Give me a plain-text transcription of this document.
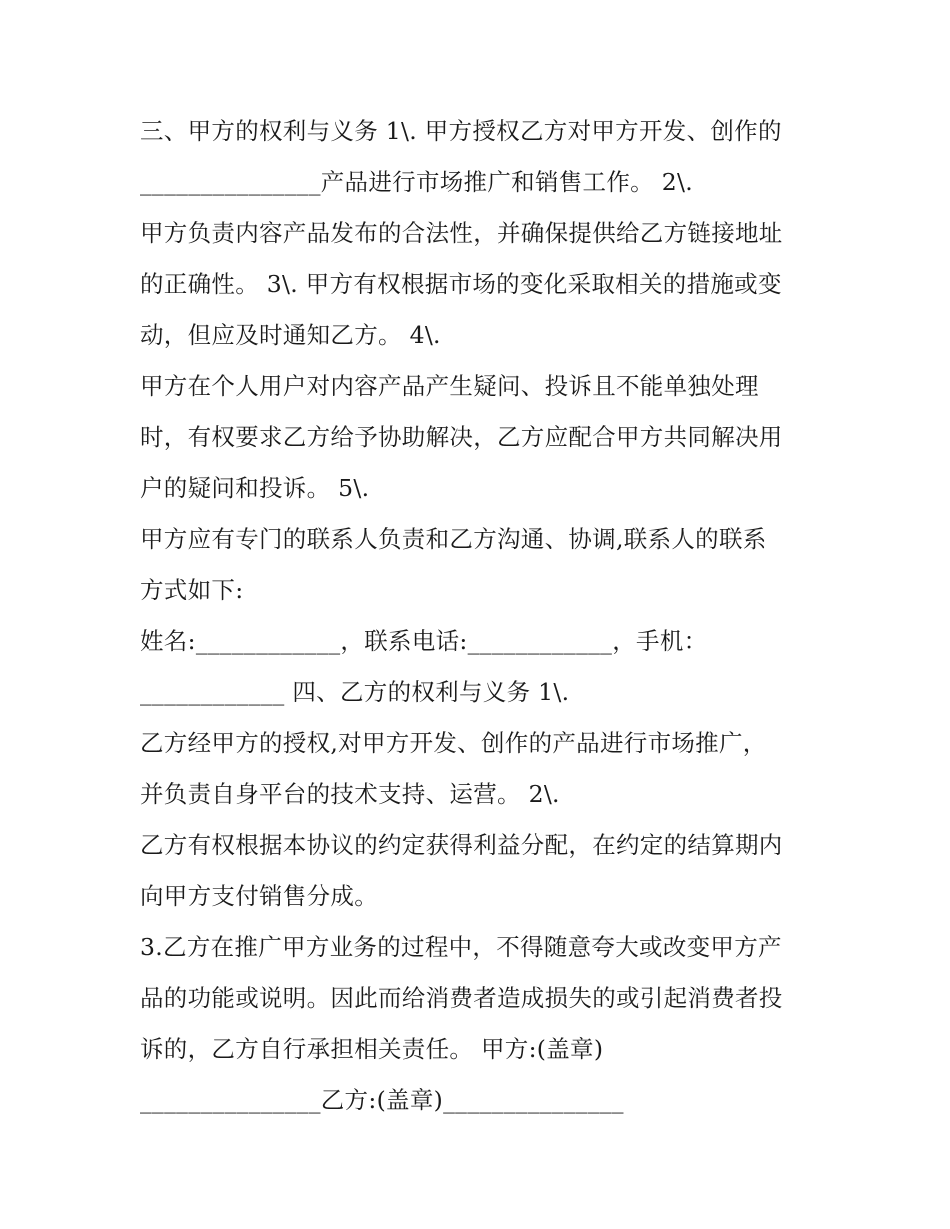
三、甲方的权利与义务 1\. 甲方授权乙方对甲方开发、创作的
_______________产品进行市场推广和销售工作。 2\.
甲方负责内容产品发布的合法性，并确保提供给乙方链接地址
的正确性。 3\. 甲方有权根据市场的变化采取相关的措施或变
动，但应及时通知乙方。 4\.
甲方在个人用户对内容产品产生疑问、投诉且不能单独处理
时，有权要求乙方给予协助解决，乙方应配合甲方共同解决用
户的疑问和投诉。 5\.
甲方应有专门的联系人负责和乙方沟通、协调,联系人的联系
方式如下:
姓名:____________，联系电话:____________，手机：
____________ 四、乙方的权利与义务 1\.
乙方经甲方的授权,对甲方开发、创作的产品进行市场推广，
并负责自身平台的技术支持、运营。 2\.
乙方有权根据本协议的约定获得利益分配，在约定的结算期内
向甲方支付销售分成。
3.乙方在推广甲方业务的过程中，不得随意夸大或改变甲方产
品的功能或说明。因此而给消费者造成损失的或引起消费者投
诉的，乙方自行承担相关责任。 甲方:(盖章)
_______________乙方:(盖章)_______________
